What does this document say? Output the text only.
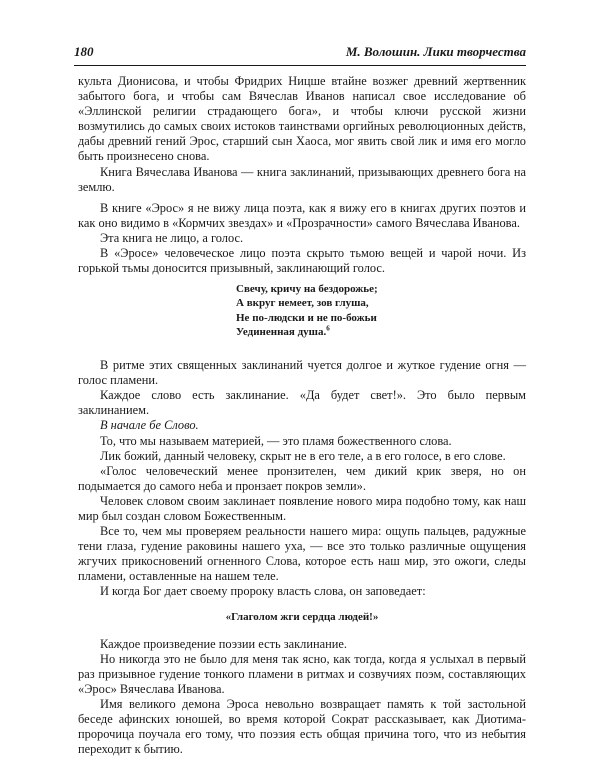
180	М. Волошин. Лики творчества

культа Дионисова, и чтобы Фридрих Ницше втайне возжег древний жертвенник забытого бога, и чтобы сам Вячеслав Иванов написал свое исследование об «Эллинской религии страдающего бога», и чтобы ключи русской жизни возмутились до самых своих истоков таинствами оргийных революционных действ, дабы древний гений Эрос, старший сын Хаоса, мог явить свой лик и имя его могло быть произнесено снова.

Книга Вячеслава Иванова — книга заклинаний, призывающих древнего бога на землю.

В книге «Эрос» я не вижу лица поэта, как я вижу его в книгах других поэтов и как оно видимо в «Кормчих звездах» и «Прозрачности» самого Вячеслава Иванова.

Эта книга не лицо, а голос.

В «Эросе» человеческое лицо поэта скрыто тьмою вещей и чарой ночи. Из горькой тьмы доносится призывный, заклинающий голос.

Свечу, кричу на бездорожье;
А вкруг немеет, зов глуша,
Не по-людски и не по-божьи
Уединенная душа.$^6$

В ритме этих священных заклинаний чуется долгое и жуткое гудение огня — голос пламени.

Каждое слово есть заклинание. «Да будет свет!». Это было первым заклинанием.

В начале бе Слово.

То, что мы называем материей, — это пламя божественного слова.

Лик божий, данный человеку, скрыт не в его теле, а в его голосе, в его слове.

«Голос человеческий менее пронзителен, чем дикий крик зверя, но он подымается до самого неба и пронзает покров земли».

Человек словом своим заклинает появление нового мира подобно тому, как наш мир был создан словом Божественным.

Все то, чем мы проверяем реальности нашего мира: ощупь пальцев, радужные тени глаза, гудение раковины нашего уха, — все это только различные ощущения жгучих прикосновений огненного Слова, которое есть наш мир, это ожоги, следы пламени, оставленные на нашем теле.

И когда Бог дает своему пророку власть слова, он заповедает:

«Глаголом жги сердца людей!»

Каждое произведение поэзии есть заклинание.

Но никогда это не было для меня так ясно, как тогда, когда я услыхал в первый раз призывное гудение тонкого пламени в ритмах и созвучиях поэм, составляющих «Эрос» Вячеслава Иванова.

Имя великого демона Эроса невольно возвращает память к той застольной беседе афинских юношей, во время которой Сократ рассказывает, как Диотима-пророчица поучала его тому, что поэзия есть общая причина того, что из небытия переходит к бытию.
